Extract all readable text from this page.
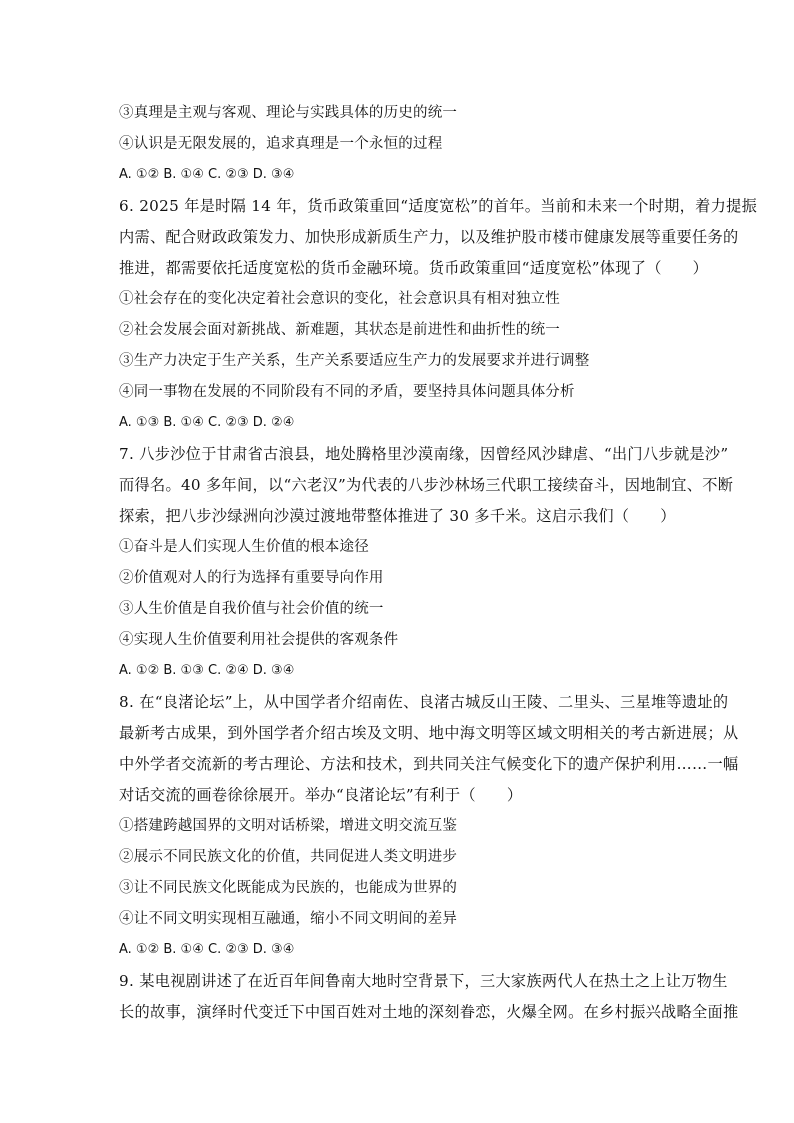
③真理是主观与客观、理论与实践具体的历史的统一
④认识是无限发展的，追求真理是一个永恒的过程
A. ①② B. ①④ C. ②③ D. ③④
6. 2025 年是时隔 14 年，货币政策重回“适度宽松”的首年。当前和未来一个时期，着力提振
内需、配合财政政策发力、加快形成新质生产力，以及维护股市楼市健康发展等重要任务的
推进，都需要依托适度宽松的货币金融环境。货币政策重回“适度宽松”体现了（　　）
①社会存在的变化决定着社会意识的变化，社会意识具有相对独立性
②社会发展会面对新挑战、新难题，其状态是前进性和曲折性的统一
③生产力决定于生产关系，生产关系要适应生产力的发展要求并进行调整
④同一事物在发展的不同阶段有不同的矛盾，要坚持具体问题具体分析
A. ①③ B. ①④ C. ②③ D. ②④
7. 八步沙位于甘肃省古浪县，地处腾格里沙漠南缘，因曾经风沙肆虐、“出门八步就是沙”
而得名。40 多年间，以“六老汉”为代表的八步沙林场三代职工接续奋斗，因地制宜、不断
探索，把八步沙绿洲向沙漠过渡地带整体推进了 30 多千米。这启示我们（　　）
①奋斗是人们实现人生价值的根本途径
②价值观对人的行为选择有重要导向作用
③人生价值是自我价值与社会价值的统一
④实现人生价值要利用社会提供的客观条件
A. ①② B. ①③ C. ②④ D. ③④
8. 在“良渚论坛”上，从中国学者介绍南佐、良渚古城反山王陵、二里头、三星堆等遗址的
最新考古成果，到外国学者介绍古埃及文明、地中海文明等区域文明相关的考古新进展；从
中外学者交流新的考古理论、方法和技术，到共同关注气候变化下的遗产保护利用……一幅
对话交流的画卷徐徐展开。举办“良渚论坛”有利于（　　）
①搭建跨越国界的文明对话桥梁，增进文明交流互鉴
②展示不同民族文化的价值，共同促进人类文明进步
③让不同民族文化既能成为民族的，也能成为世界的
④让不同文明实现相互融通，缩小不同文明间的差异
A. ①② B. ①④ C. ②③ D. ③④
9. 某电视剧讲述了在近百年间鲁南大地时空背景下，三大家族两代人在热土之上让万物生
长的故事，演绎时代变迁下中国百姓对土地的深刻眷恋，火爆全网。在乡村振兴战略全面推
